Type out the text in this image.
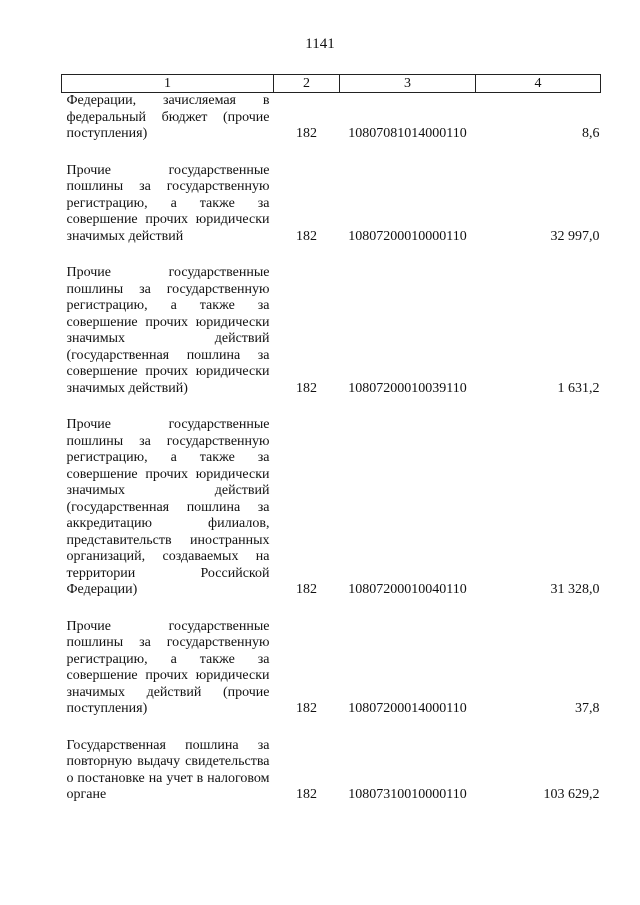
1141
1	2	3	4
Федерации, зачисляемая в федеральный бюджет (прочие поступления)	182	10807081014000110	8,6

Прочие государственные пошлины за государственную регистрацию, а также за совершение прочих юридически значимых действий	182	10807200010000110	32 997,0

Прочие государственные пошлины за государственную регистрацию, а также за совершение прочих юридически значимых действий (государственная пошлина за совершение прочих юридически значимых действий)	182	10807200010039110	1 631,2

Прочие государственные пошлины за государственную регистрацию, а также за совершение прочих юридически значимых действий (государственная пошлина за аккредитацию филиалов, представительств иностранных организаций, создаваемых на территории Российской Федерации)	182	10807200010040110	31 328,0

Прочие государственные пошлины за государственную регистрацию, а также за совершение прочих юридически значимых действий (прочие поступления)	182	10807200014000110	37,8

Государственная пошлина за повторную выдачу свидетельства о постановке на учет в налоговом органе	182	10807310010000110	103 629,2
